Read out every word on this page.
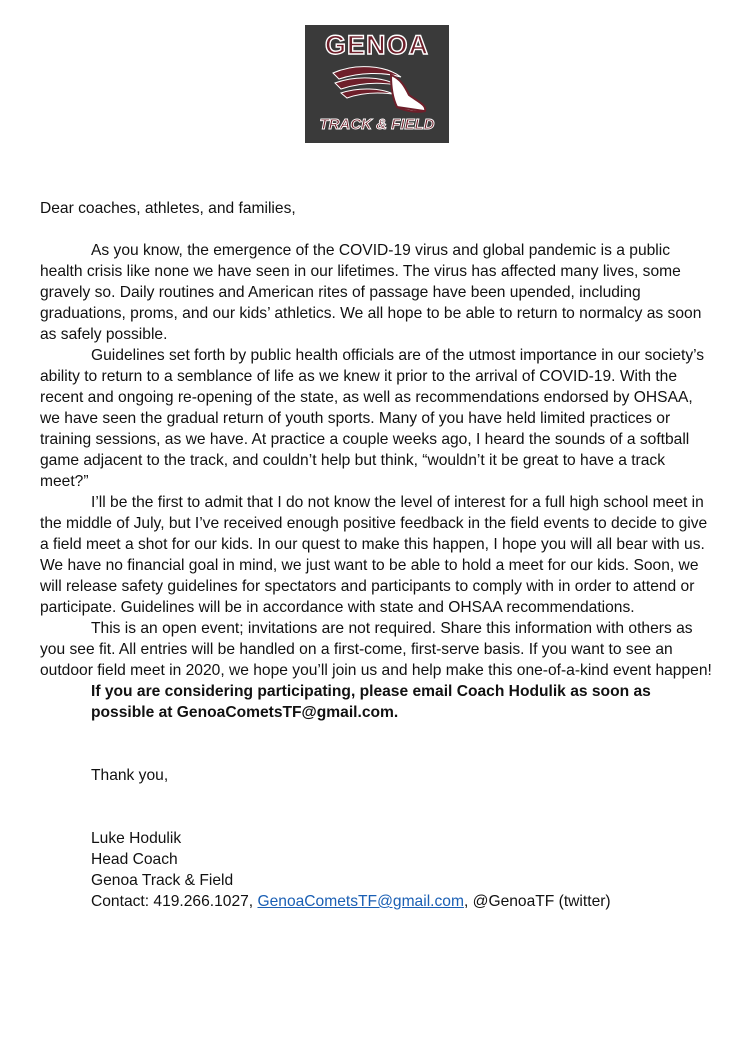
GENOA
TRACK & FIELD

Dear coaches, athletes, and families,

As you know, the emergence of the COVID-19 virus and global pandemic is a public health crisis like none we have seen in our lifetimes. The virus has affected many lives, some gravely so. Daily routines and American rites of passage have been upended, including graduations, proms, and our kids’ athletics. We all hope to be able to return to normalcy as soon as safely possible.

Guidelines set forth by public health officials are of the utmost importance in our society’s ability to return to a semblance of life as we knew it prior to the arrival of COVID-19. With the recent and ongoing re-opening of the state, as well as recommendations endorsed by OHSAA, we have seen the gradual return of youth sports. Many of you have held limited practices or training sessions, as we have. At practice a couple weeks ago, I heard the sounds of a softball game adjacent to the track, and couldn’t help but think, “wouldn’t it be great to have a track meet?”

I’ll be the first to admit that I do not know the level of interest for a full high school meet in the middle of July, but I’ve received enough positive feedback in the field events to decide to give a field meet a shot for our kids. In our quest to make this happen, I hope you will all bear with us. We have no financial goal in mind, we just want to be able to hold a meet for our kids. Soon, we will release safety guidelines for spectators and participants to comply with in order to attend or participate. Guidelines will be in accordance with state and OHSAA recommendations.

This is an open event; invitations are not required. Share this information with others as you see fit. All entries will be handled on a first-come, first-serve basis. If you want to see an outdoor field meet in 2020, we hope you’ll join us and help make this one-of-a-kind event happen!

If you are considering participating, please email Coach Hodulik as soon as possible at GenoaCometsTF@gmail.com.

Thank you,

Luke Hodulik

Head Coach

Genoa Track & Field

Contact: 419.266.1027, GenoaCometsTF@gmail.com, @GenoaTF (twitter)
